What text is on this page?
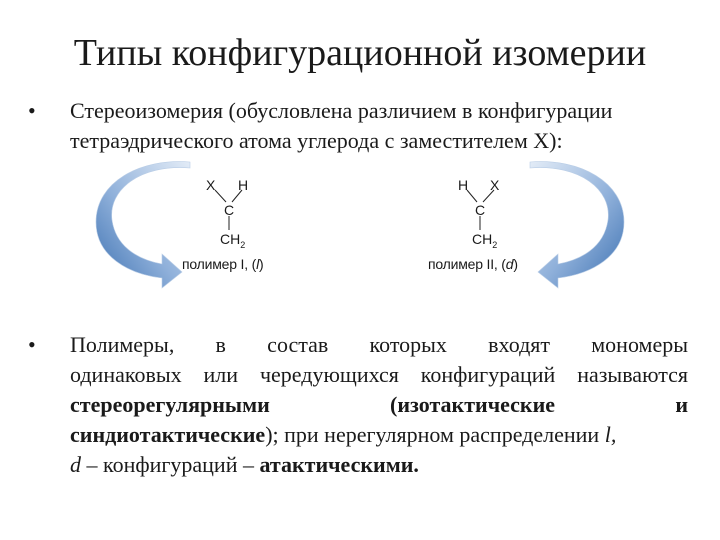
Типы конфигурационной изомерии
•	Стереоизомерия (обусловлена различием в конфигурации
тетраэдрического атома углерода с заместителем Х):
X H
C
$CH_2$
полимер I, (l)
H X
C
$CH_2$
полимер II, (d)
•	Полимеры, в состав которых входят мономеры
одинаковых или чередующихся конфигураций называются
стереорегулярными (изотактические и
синдиотактические); при нерегулярном распределении l,
d – конфигураций – атактическими.
